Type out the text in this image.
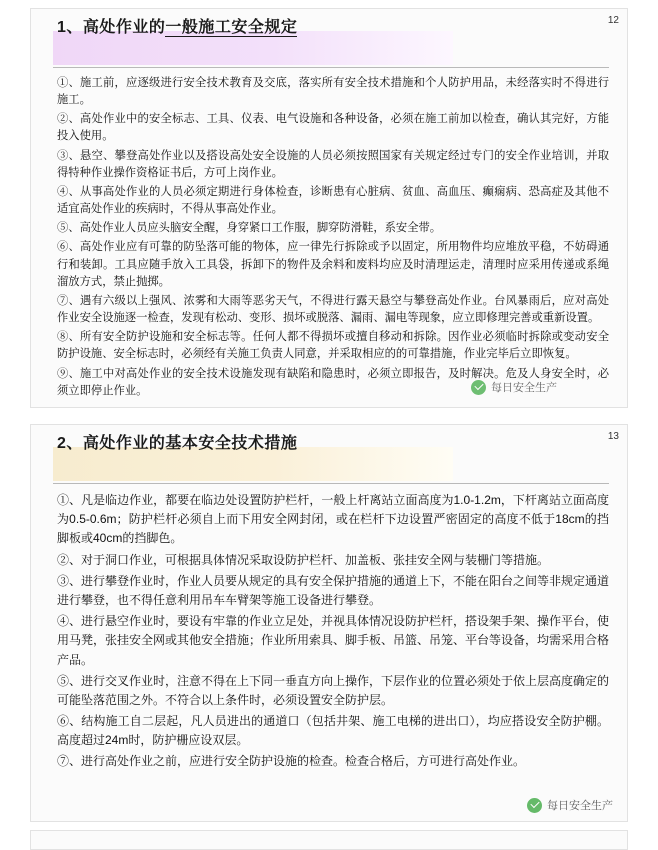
12
1、高处作业的一般施工安全规定

①、施工前，应逐级进行安全技术教育及交底，落实所有安全技术措施和个人防护用品，未经落实时不得进行施工。

②、高处作业中的安全标志、工具、仪表、电气设施和各种设备，必须在施工前加以检查，确认其完好，方能投入使用。

③、悬空、攀登高处作业以及搭设高处安全设施的人员必须按照国家有关规定经过专门的安全作业培训，并取得特种作业操作资格证书后，方可上岗作业。

④、从事高处作业的人员必须定期进行身体检查，诊断患有心脏病、贫血、高血压、癫痫病、恐高症及其他不适宜高处作业的疾病时，不得从事高处作业。

⑤、高处作业人员应头脑安全醒，身穿紧口工作服，脚穿防滑鞋，系安全带。

⑥、高处作业应有可靠的防坠落可能的物体，应一律先行拆除或予以固定，所用物件均应堆放平稳，不妨碍通行和装卸。工具应随手放入工具袋，拆卸下的物件及余料和废料均应及时清理运走，清理时应采用传递或系绳溜放方式，禁止抛掷。

⑦、遇有六级以上强风、浓雾和大雨等恶劣天气，不得进行露天悬空与攀登高处作业。台风暴雨后，应对高处作业安全设施逐一检查，发现有松动、变形、损坏或脱落、漏雨、漏电等现象，应立即修理完善或重新设置。

⑧、所有安全防护设施和安全标志等。任何人都不得损坏或擅自移动和拆除。因作业必须临时拆除或变动安全防护设施、安全标志时，必须经有关施工负责人同意，并采取相应的的可靠措施，作业完毕后立即恢复。

⑨、施工中对高处作业的安全技术设施发现有缺陷和隐患时，必须立即报告，及时解决。危及人身安全时，必须立即停止作业。	每日安全生产
13
2、高处作业的基本安全技术措施

①、凡是临边作业，都要在临边处设置防护栏杆，一般上杆离站立面高度为1.0-1.2m，下杆离站立面高度为0.5-0.6m；防护栏杆必须自上而下用安全网封闭，或在栏杆下边设置严密固定的高度不低于18cm的挡脚板或40cm的挡脚色。

②、对于洞口作业，可根据具体情况采取设防护栏杆、加盖板、张挂安全网与装栅门等措施。

③、进行攀登作业时，作业人员要从规定的具有安全保护措施的通道上下，不能在阳台之间等非规定通道进行攀登，也不得任意利用吊车车臂架等施工设备进行攀登。

④、进行悬空作业时，要设有牢靠的作业立足处，并视具体情况设防护栏杆，搭设架手架、操作平台，使用马凳，张挂安全网或其他安全措施；作业所用索具、脚手板、吊篮、吊笼、平台等设备，均需采用合格产品。

⑤、进行交叉作业时，注意不得在上下同一垂直方向上操作，下层作业的位置必须处于依上层高度确定的可能坠落范围之外。不符合以上条件时，必须设置安全防护层。

⑥、结构施工自二层起，凡人员进出的通道口（包括井架、施工电梯的进出口），均应搭设安全防护棚。高度超过24m时，防护栅应设双层。

⑦、进行高处作业之前，应进行安全防护设施的检查。检查合格后，方可进行高处作业。

每日安全生产
